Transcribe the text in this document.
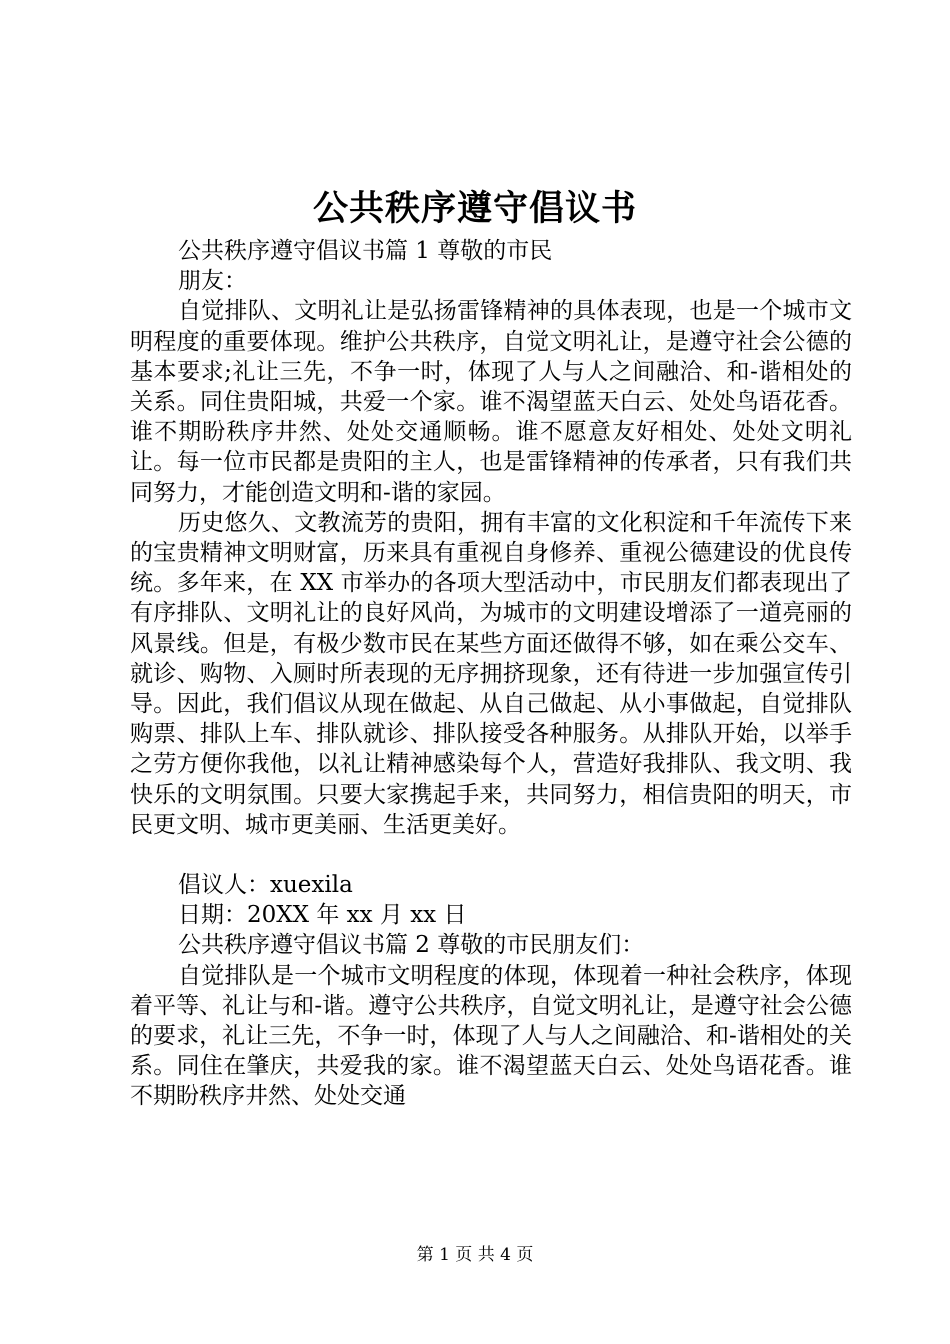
公共秩序遵守倡议书
公共秩序遵守倡议书篇 1 尊敬的市民
朋友：

自觉排队、文明礼让是弘扬雷锋精神的具体表现，也是一个城市文明程度的重要体现。维护公共秩序，自觉文明礼让，是遵守社会公德的基本要求;礼让三先，不争一时，体现了人与人之间融洽、和-谐相处的关系。同住贵阳城，共爱一个家。谁不渴望蓝天白云、处处鸟语花香。谁不期盼秩序井然、处处交通顺畅。谁不愿意友好相处、处处文明礼让。每一位市民都是贵阳的主人，也是雷锋精神的传承者，只有我们共同努力，才能创造文明和-谐的家园。

历史悠久、文教流芳的贵阳，拥有丰富的文化积淀和千年流传下来的宝贵精神文明财富，历来具有重视自身修养、重视公德建设的优良传统。多年来，在 XX 市举办的各项大型活动中，市民朋友们都表现出了有序排队、文明礼让的良好风尚，为城市的文明建设增添了一道亮丽的风景线。但是，有极少数市民在某些方面还做得不够，如在乘公交车、就诊、购物、入厕时所表现的无序拥挤现象，还有待进一步加强宣传引导。因此，我们倡议从现在做起、从自己做起、从小事做起，自觉排队购票、排队上车、排队就诊、排队接受各种服务。从排队开始，以举手之劳方便你我他，以礼让精神感染每个人，营造好我排队、我文明、我快乐的文明氛围。只要大家携起手来，共同努力，相信贵阳的明天，市民更文明、城市更美丽、生活更美好。

倡议人：xuexila
日期：20XX 年 xx 月 xx 日
公共秩序遵守倡议书篇 2 尊敬的市民朋友们：

自觉排队是一个城市文明程度的体现，体现着一种社会秩序，体现着平等、礼让与和-谐。遵守公共秩序，自觉文明礼让，是遵守社会公德的要求，礼让三先，不争一时，体现了人与人之间融洽、和-谐相处的关系。同住在肇庆，共爱我的家。谁不渴望蓝天白云、处处鸟语花香。谁不期盼秩序井然、处处交通

第 1 页 共 4 页
